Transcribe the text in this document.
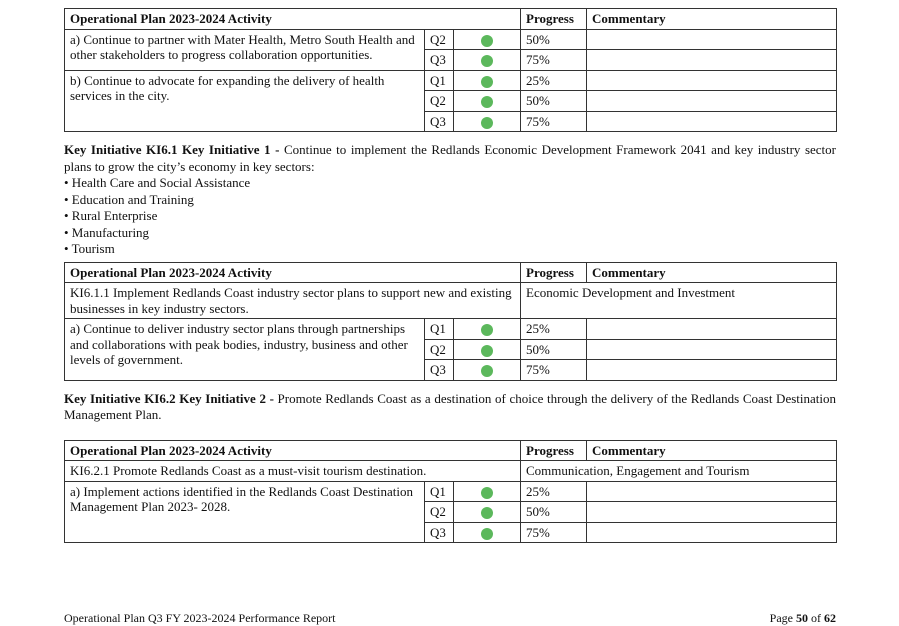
Operational Plan 2023-2024 Activity			Progress	Commentary
a) Continue to partner with Mater Health, Metro South Health and other stakeholders to progress collaboration opportunities.	Q2		50%	
	Q3		75%	
b) Continue to advocate for expanding the delivery of health services in the city.	Q1		25%	
	Q2		50%	
	Q3		75%	

Key Initiative KI6.1 Key Initiative 1 - Continue to implement the Redlands Economic Development Framework 2041 and key industry sector plans to grow the city’s economy in key sectors:

• Health Care and Social Assistance
• Education and Training
• Rural Enterprise
• Manufacturing
• Tourism
Operational Plan 2023-2024 Activity			Progress	Commentary
KI6.1.1 Implement Redlands Coast industry sector plans to support new and existing businesses in key industry sectors.			Economic Development and Investment	
a) Continue to deliver industry sector plans through partnerships and collaborations with peak bodies, industry, business and other levels of government.	Q1		25%	
	Q2		50%	
	Q3		75%	

Key Initiative KI6.2 Key Initiative 2 - Promote Redlands Coast as a destination of choice through the delivery of the Redlands Coast Destination Management Plan.

Operational Plan 2023-2024 Activity			Progress	Commentary
KI6.2.1 Promote Redlands Coast as a must-visit tourism destination.			Communication, Engagement and Tourism	
a) Implement actions identified in the Redlands Coast Destination Management Plan 2023- 2028.	Q1		25%	
	Q2		50%	
	Q3		75%	
Operational Plan Q3 FY 2023-2024 Performance Report	Page 50 of 62
